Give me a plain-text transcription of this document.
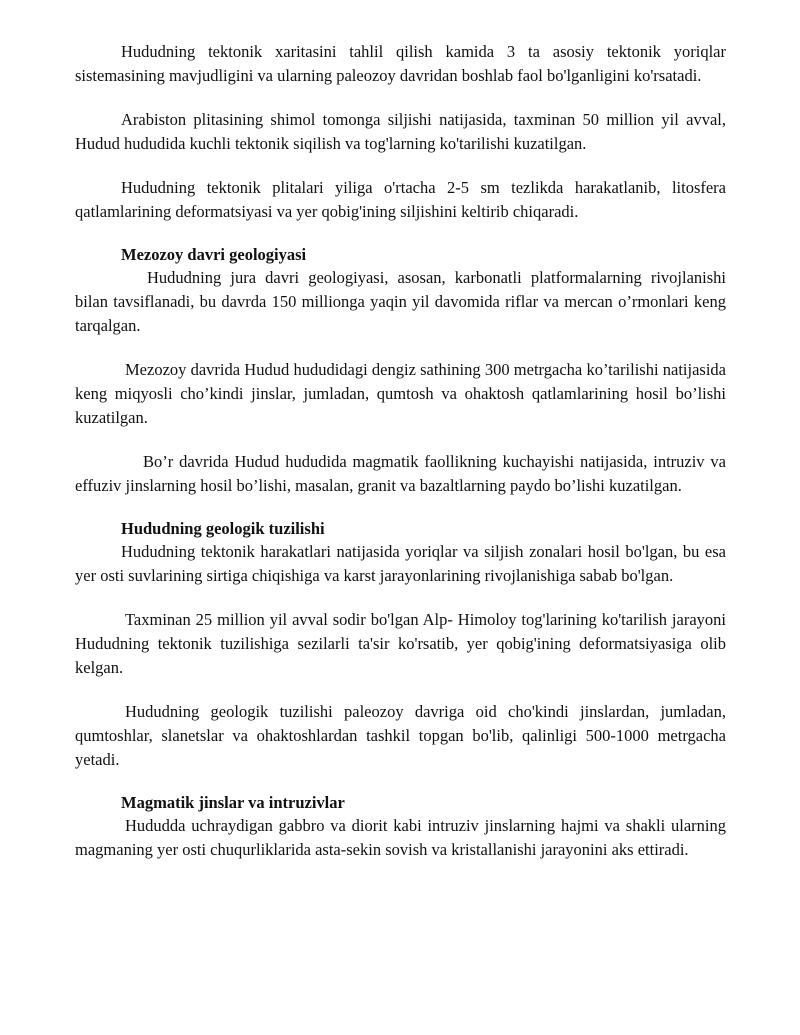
Hududning tektonik xaritasini tahlil qilish kamida 3 ta asosiy tektonik yoriqlar sistemasining mavjudligini va ularning paleozoy davridan boshlab faol bo'lganligini ko'rsatadi.

Arabiston plitasining shimol tomonga siljishi natijasida, taxminan 50 million yil avval, Hudud hududida kuchli tektonik siqilish va tog'larning ko'tarilishi kuzatilgan.

Hududning tektonik plitalari yiliga o'rtacha 2-5 sm tezlikda harakatlanib, litosfera qatlamlarining deformatsiyasi va yer qobig'ining siljishini keltirib chiqaradi.

Mezozoy davri geologiyasi

Hududning jura davri geologiyasi, asosan, karbonatli platformalarning rivojlanishi bilan tavsiflanadi, bu davrda 150 millionga yaqin yil davomida riflar va mercan o’rmonlari keng tarqalgan.

Mezozoy davrida Hudud hududidagi dengiz sathining 300 metrgacha ko’tarilishi natijasida keng miqyosli cho’kindi jinslar, jumladan, qumtosh va ohaktosh qatlamlarining hosil bo’lishi kuzatilgan.

Bo’r davrida Hudud hududida magmatik faollikning kuchayishi natijasida, intruziv va effuziv jinslarning hosil bo’lishi, masalan, granit va bazaltlarning paydo bo’lishi kuzatilgan.

Hududning geologik tuzilishi

Hududning tektonik harakatlari natijasida yoriqlar va siljish zonalari hosil bo'lgan, bu esa yer osti suvlarining sirtiga chiqishiga va karst jarayonlarining rivojlanishiga sabab bo'lgan.

Taxminan 25 million yil avval sodir bo'lgan Alp- Himoloy tog'larining ko'tarilish jarayoni Hududning tektonik tuzilishiga sezilarli ta'sir ko'rsatib, yer qobig'ining deformatsiyasiga olib kelgan.

Hududning geologik tuzilishi paleozoy davriga oid cho'kindi jinslardan, jumladan, qumtoshlar, slanetslar va ohaktoshlardan tashkil topgan bo'lib, qalinligi 500-1000 metrgacha yetadi.

Magmatik jinslar va intruzivlar

Hududda uchraydigan gabbro va diorit kabi intruziv jinslarning hajmi va shakli ularning magmaning yer osti chuqurliklarida asta-sekin sovish va kristallanishi jarayonini aks ettiradi.
